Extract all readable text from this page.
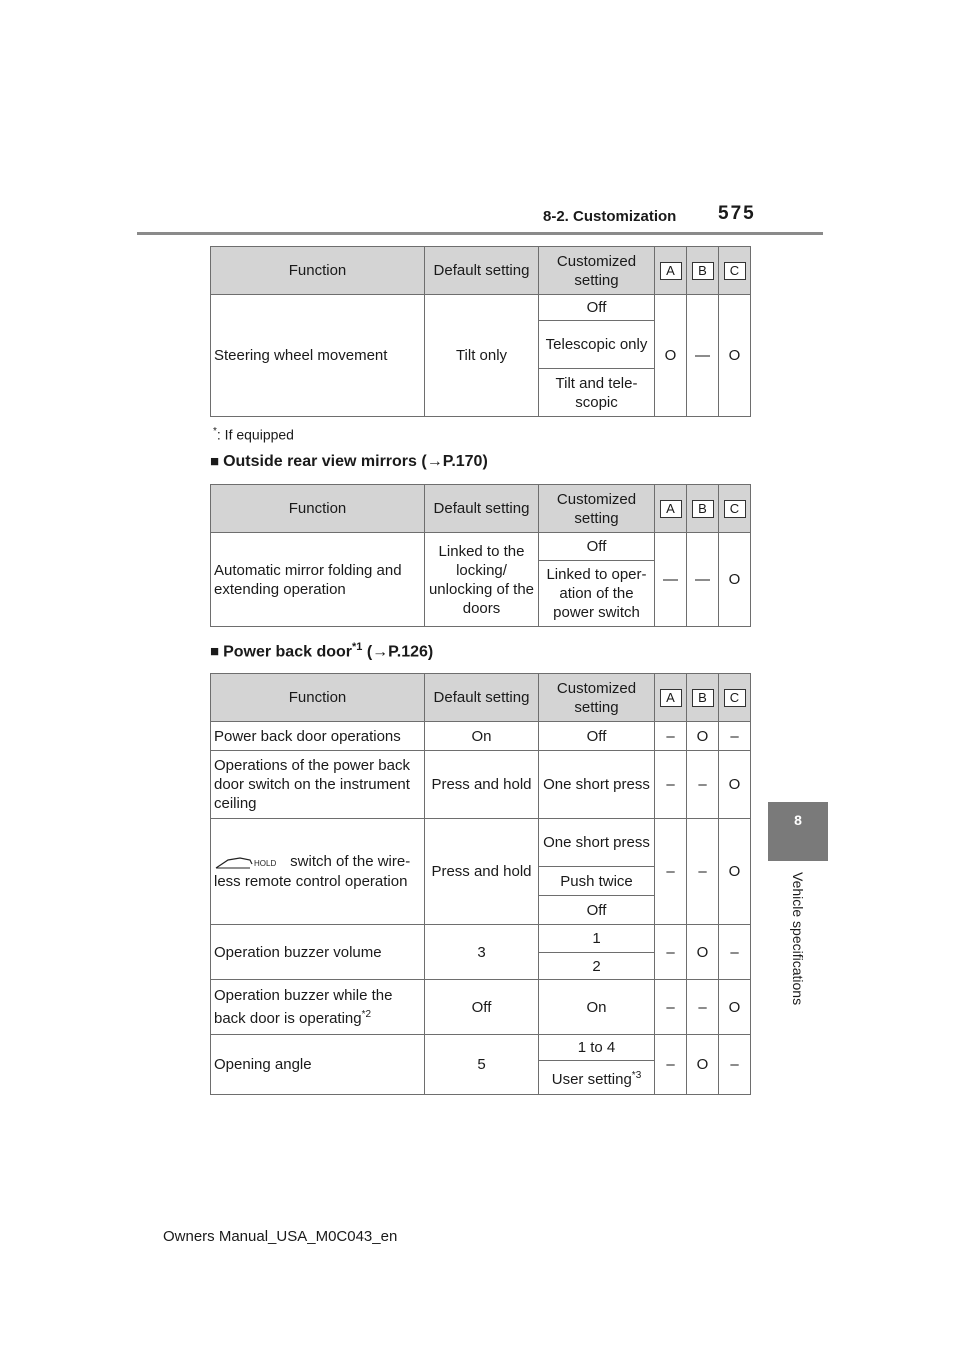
8-2. Customization 575
8
Vehicle specifications
Function	Default setting	Customized setting	A	B	C
Steering wheel movement	Tilt only	Off	O	—	O
		Telescopic only			
		Tilt and tele-scopic			
*: If equipped
■ Outside rear view mirrors (→P.170)
Function	Default setting	Customized setting	A	B	C
Automatic mirror folding and extending operation	Linked to the locking/ unlocking of the doors	Off	—	—	O
		Linked to oper-ation of the power switch			
■ Power back door$^{*1}$ (→P.126)
Function	Default setting	Customized setting	A	B	C
Power back door operations	On	Off	–	O	–
Operations of the power back door switch on the instrument ceiling	Press and hold	One short press	–	–	O

HOLD switch of the wire-less remote control operation	Press and hold	One short press	–	–	O
		Push twice			
		Off			
Operation buzzer volume	3	1	–	O	–
		2			
Operation buzzer while the back door is operating$^{*2}$	Off	On	–	–	O
Opening angle	5	1 to 4	–	O	–
		User setting$^{*3}$
Owners Manual_USA_M0C043_en
